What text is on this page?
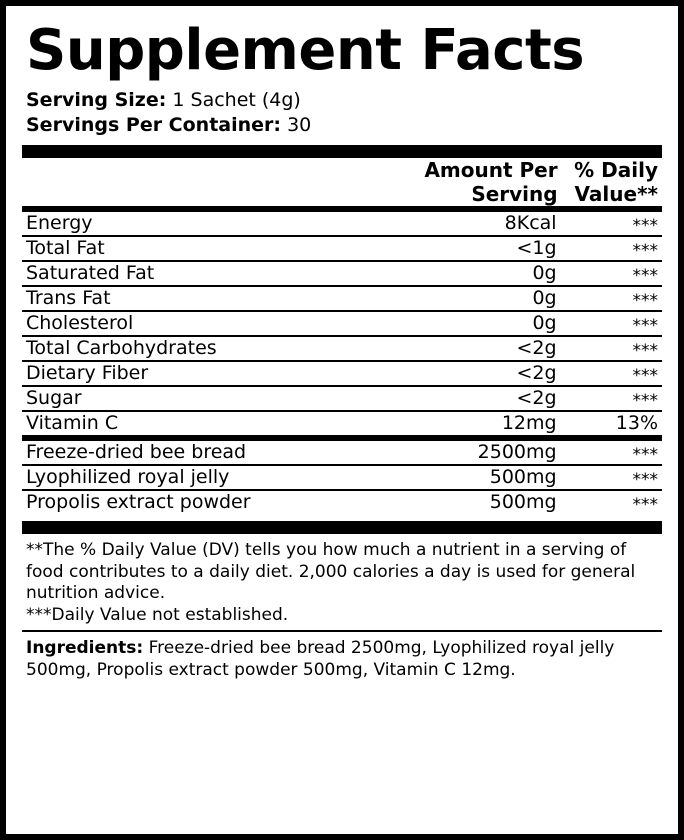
Supplement Facts
Serving Size: 1 Sachet (4g)
Servings Per Container: 30

Amount Per
Serving

% Daily
Value**
Energy	8Kcal	***
Total Fat	<1g	***
Saturated Fat	0g	***
Trans Fat	0g	***
Cholesterol	0g	***
Total Carbohydrates	<2g	***
Dietary Fiber	<2g	***
Sugar	<2g	***
Vitamin C	12mg	13%
Freeze-dried bee bread	2500mg	***
Lyophilized royal jelly	500mg	***
Propolis extract powder	500mg	***

**The % Daily Value (DV) tells you how much a nutrient in a serving of food contributes to a daily diet. 2,000 calories a day is used for general nutrition advice.

***Daily Value not established.

Ingredients: Freeze-dried bee bread 2500mg, Lyophilized royal jelly 500mg, Propolis extract powder 500mg, Vitamin C 12mg.
